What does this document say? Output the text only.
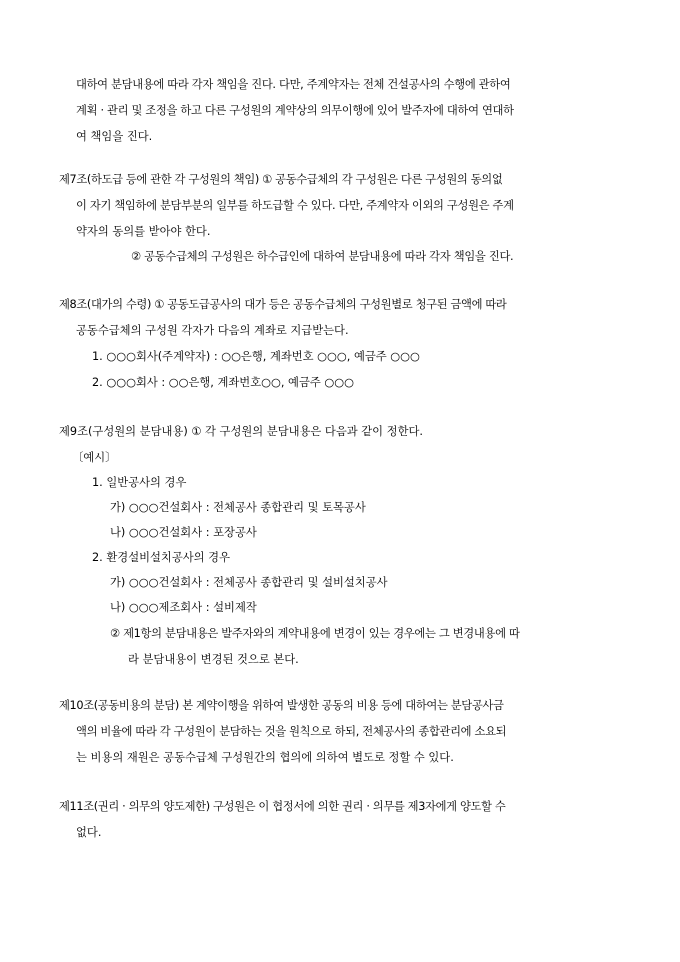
대하여 분담내용에 따라 각자 책임을 진다. 다만, 주계약자는 전체 건설공사의 수행에 관하여
계획 · 관리 및 조정을 하고 다른 구성원의 계약상의 의무이행에 있어 발주자에 대하여 연대하
여 책임을 진다.
제7조(하도급 등에 관한 각 구성원의 책임) ① 공동수급체의 각 구성원은 다른 구성원의 동의없
이 자기 책임하에 분담부분의 일부를 하도급할 수 있다. 다만, 주계약자 이외의 구성원은 주계
약자의 동의를 받아야 한다.
② 공동수급체의 구성원은 하수급인에 대하여 분담내용에 따라 각자 책임을 진다.
제8조(대가의 수령) ① 공동도급공사의 대가 등은 공동수급체의 구성원별로 청구된 금액에 따라
공동수급체의 구성원 각자가 다음의 계좌로 지급받는다.
1. ○○○회사(주계약자) : ○○은행, 계좌번호 ○○○, 예금주 ○○○
2. ○○○회사 : ○○은행, 계좌번호○○, 예금주 ○○○
제9조(구성원의 분담내용) ① 각 구성원의 분담내용은 다음과 같이 정한다.
〔예시〕
1. 일반공사의 경우
가) ○○○건설회사 : 전체공사 종합관리 및 토목공사
나) ○○○건설회사 : 포장공사
2. 환경설비설치공사의 경우
가) ○○○건설회사 : 전체공사 종합관리 및 설비설치공사
나) ○○○제조회사 : 설비제작
② 제1항의 분담내용은 발주자와의 계약내용에 변경이 있는 경우에는 그 변경내용에 따
라 분담내용이 변경된 것으로 본다.
제10조(공동비용의 분담) 본 계약이행을 위하여 발생한 공동의 비용 등에 대하여는 분담공사금
액의 비율에 따라 각 구성원이 분담하는 것을 원칙으로 하되, 전체공사의 종합관리에 소요되
는 비용의 재원은 공동수급체 구성원간의 협의에 의하여 별도로 정할 수 있다.
제11조(권리 · 의무의 양도제한) 구성원은 이 협정서에 의한 권리 · 의무를 제3자에게 양도할 수
없다.
